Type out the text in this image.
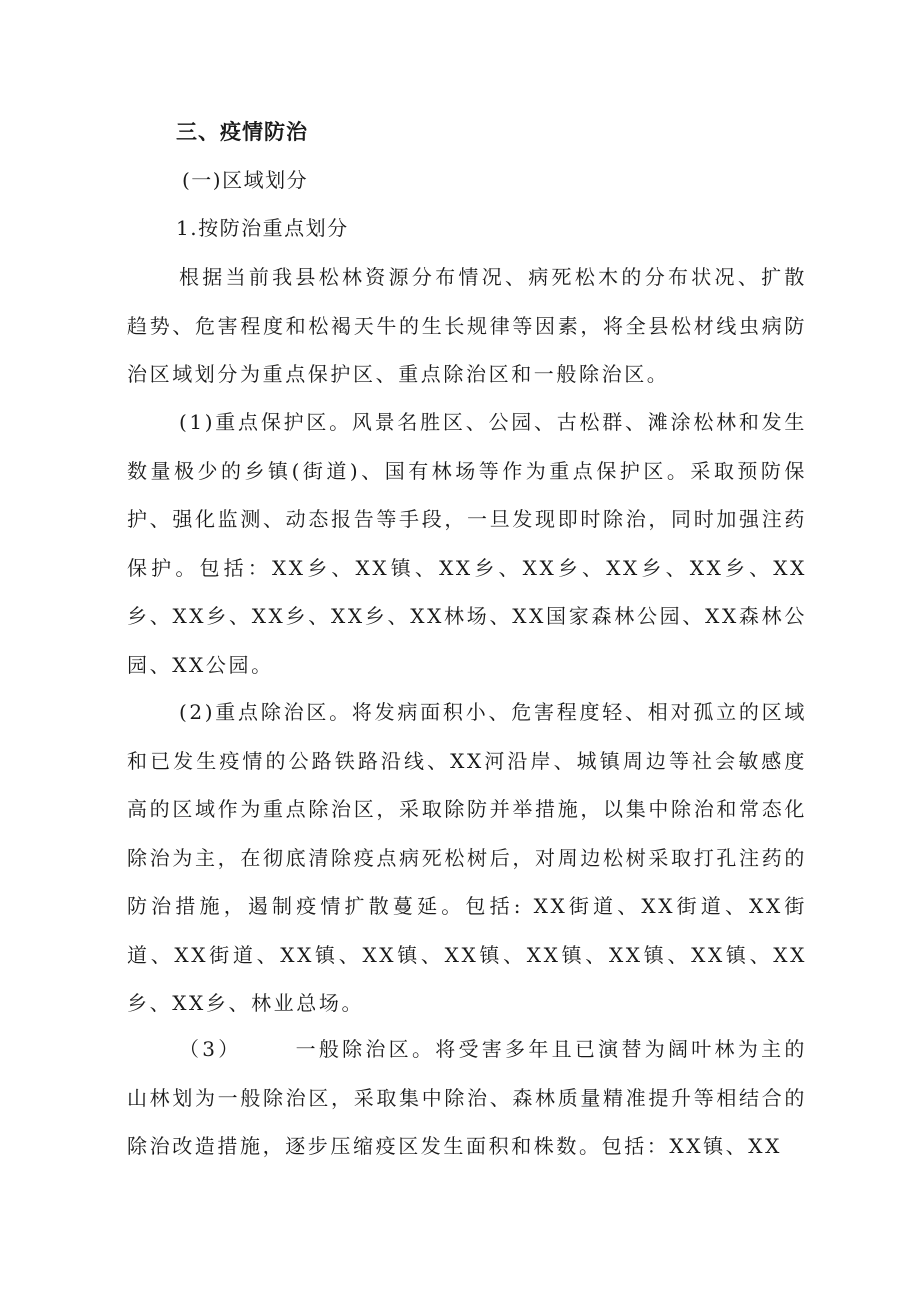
三、疫情防治
(一)区域划分
1.按防治重点划分

根据当前我县松林资源分布情况、病死松木的分布状况、扩散趋势、危害程度和松褐天牛的生长规律等因素，将全县松材线虫病防治区域划分为重点保护区、重点除治区和一般除治区。

(1)重点保护区。风景名胜区、公园、古松群、滩涂松林和发生数量极少的乡镇(街道)、国有林场等作为重点保护区。采取预防保护、强化监测、动态报告等手段，一旦发现即时除治，同时加强注药保护。包括：XX乡、XX镇、XX乡、XX乡、XX乡、XX乡、XX乡、XX乡、XX乡、XX乡、XX林场、XX国家森林公园、XX森林公园、XX公园。

(2)重点除治区。将发病面积小、危害程度轻、相对孤立的区域和已发生疫情的公路铁路沿线、XX河沿岸、城镇周边等社会敏感度高的区域作为重点除治区，采取除防并举措施，以集中除治和常态化除治为主，在彻底清除疫点病死松树后，对周边松树采取打孔注药的防治措施，遏制疫情扩散蔓延。包括: XX街道、XX街道、XX街道、XX街道、XX镇、XX镇、XX镇、XX镇、XX镇、XX镇、XX乡、XX乡、林业总场。

（3）	一般除治区。将受害多年且已演替为阔叶林为主的山林划为一般除治区，采取集中除治、森林质量精准提升等相结合的除治改造措施，逐步压缩疫区发生面积和株数。包括：XX镇、XX
